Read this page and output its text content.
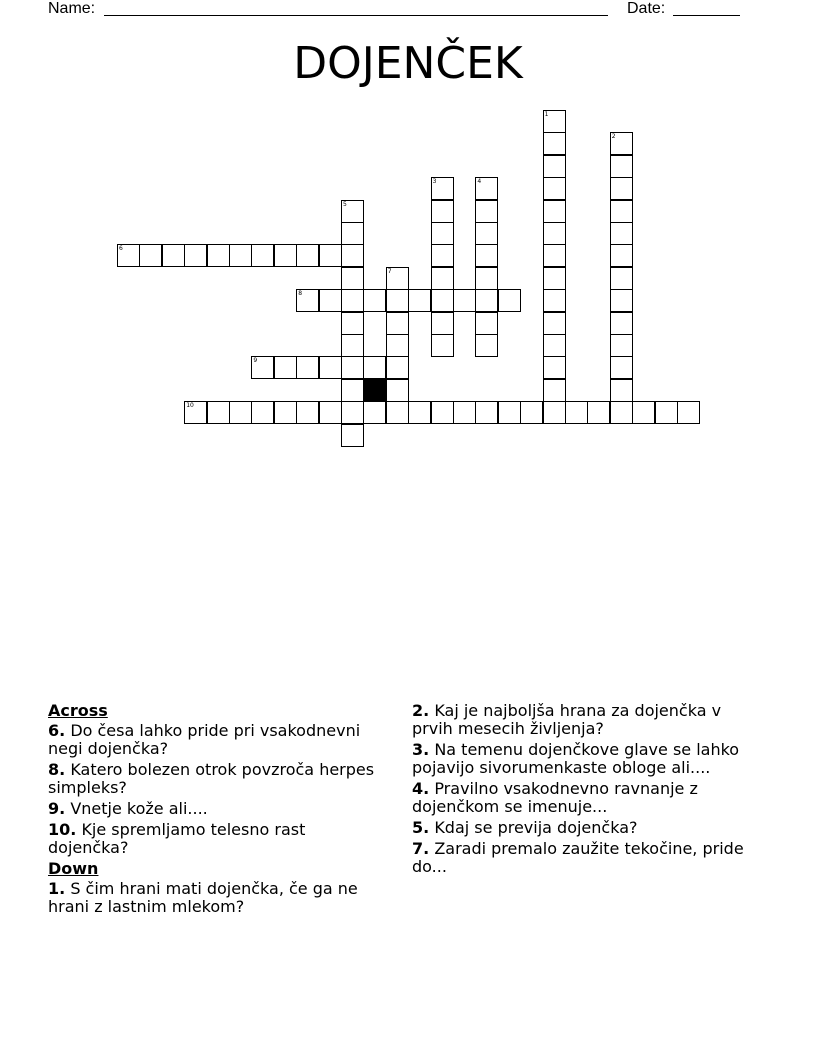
Name:	Date:
DOJENČEK
1
2
3	4
5
6
7
8
9
10
Across
6. Do česa lahko pride pri vsakodnevni negi dojenčka?
8. Katero bolezen otrok povzroča herpes simpleks?
9. Vnetje kože ali....
10. Kje spremljamo telesno rast dojenčka?
Down
1. S čim hrani mati dojenčka, če ga ne hrani z lastnim mlekom?
2. Kaj je najboljša hrana za dojenčka v prvih mesecih življenja?
3. Na temenu dojenčkove glave se lahko pojavijo sivorumenkaste obloge ali....
4. Pravilno vsakodnevno ravnanje z dojenčkom se imenuje...
5. Kdaj se previja dojenčka?
7. Zaradi premalo zaužite tekočine, pride do...
